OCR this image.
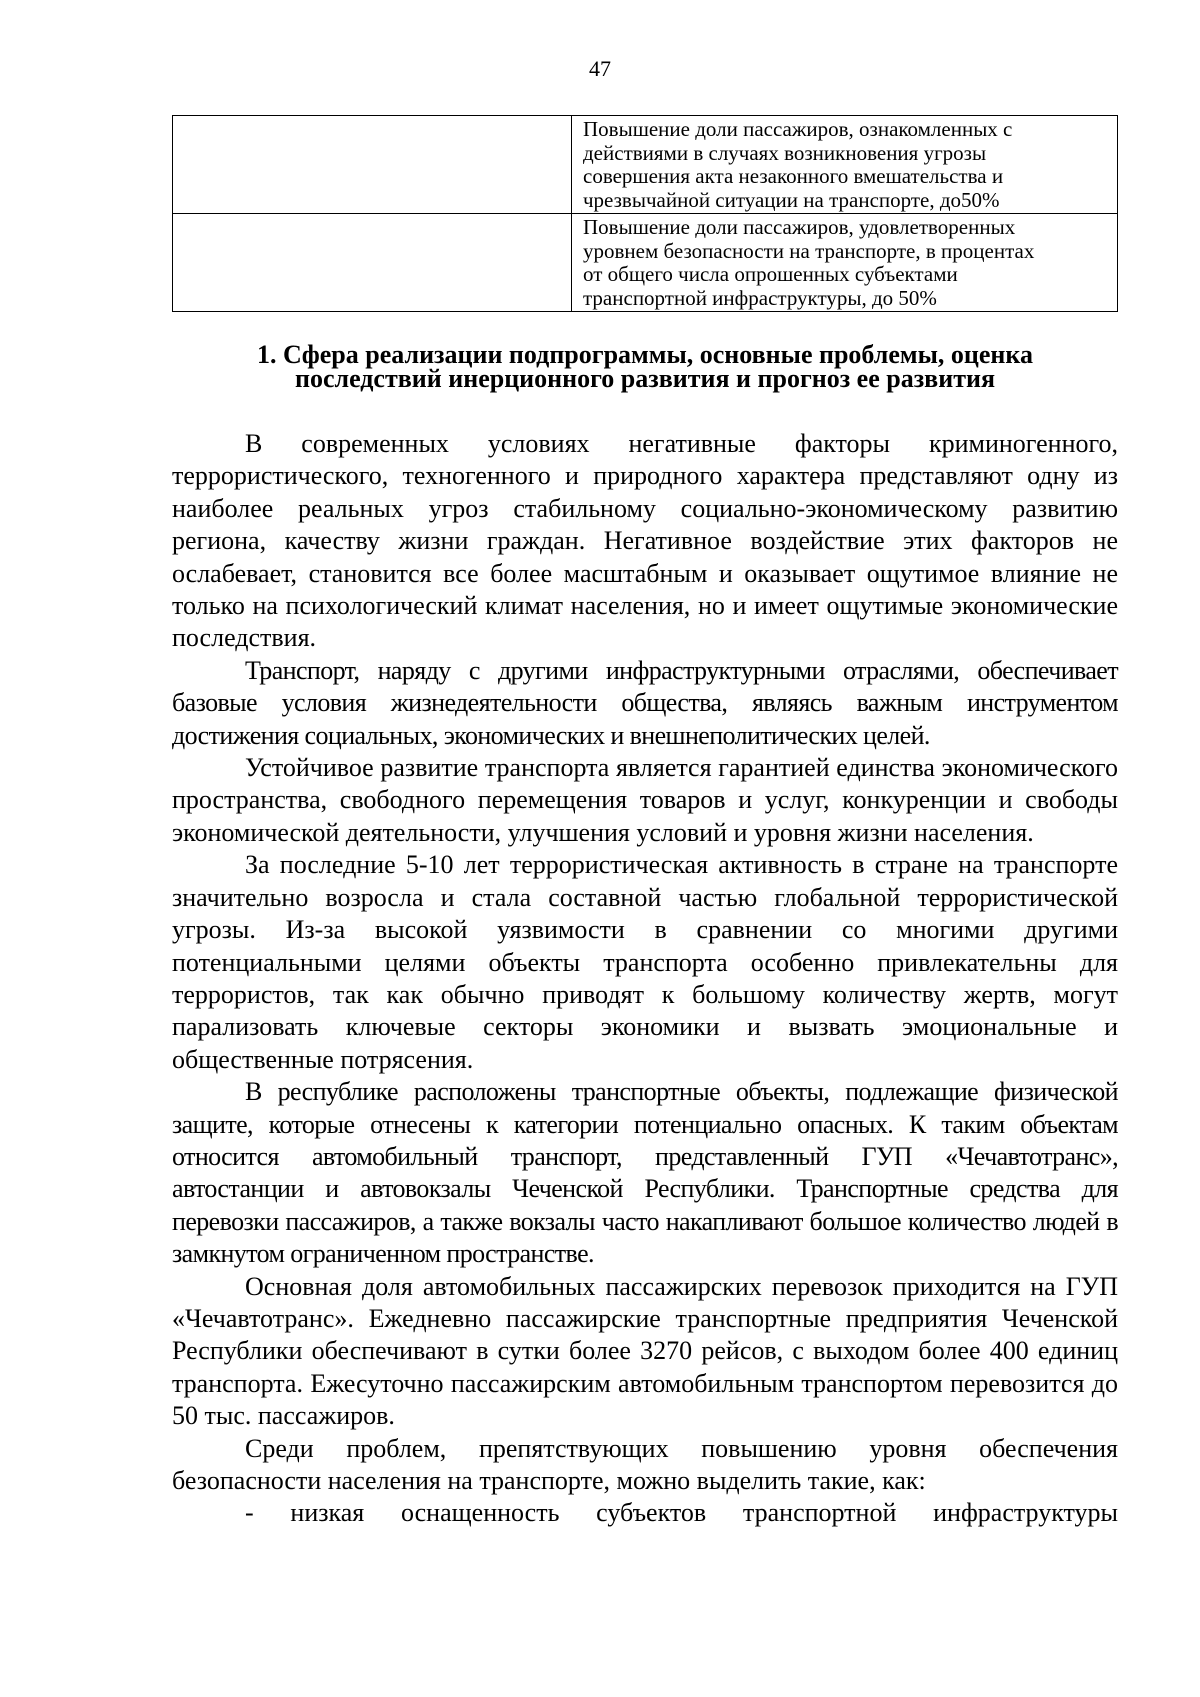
47

	Повышение доли пассажиров, ознакомленных с
действиями в случаях возникновения угрозы
совершения акта незаконного вмешательства и
чрезвычайной ситуации на транспорте, до50%

	Повышение доли пассажиров, удовлетворенных
уровнем безопасности на транспорте, в процентах
от общего числа опрошенных субъектами
транспортной инфраструктуры, до 50%
1. Сфера реализации подпрограммы, основные проблемы, оценка
последствий инерционного развития и прогноз ее развития

В современных условиях негативные факторы криминогенного, террористического, техногенного и природного характера представляют одну из наиболее реальных угроз стабильному социально-экономическому развитию региона, качеству жизни граждан. Негативное воздействие этих факторов не ослабевает, становится все более масштабным и оказывает ощутимое влияние не только на психологический климат населения, но и имеет ощутимые экономические последствия.

Транспорт, наряду с другими инфраструктурными отраслями, обеспечивает базовые условия жизнедеятельности общества, являясь важным инструментом достижения социальных, экономических и внешнеполитических целей.

Устойчивое развитие транспорта является гарантией единства экономического пространства, свободного перемещения товаров и услуг, конкуренции и свободы экономической деятельности, улучшения условий и уровня жизни населения.

За последние 5-10 лет террористическая активность в стране на транспорте значительно возросла и стала составной частью глобальной террористической угрозы. Из-за высокой уязвимости в сравнении со многими другими потенциальными целями объекты транспорта особенно привлекательны для террористов, так как обычно приводят к большому количеству жертв, могут парализовать ключевые секторы экономики и вызвать эмоциональные и общественные потрясения.

В республике расположены транспортные объекты, подлежащие физической защите, которые отнесены к категории потенциально опасных. К таким объектам относится автомобильный транспорт, представленный ГУП «Чечавтотранс», автостанции и автовокзалы Чеченской Республики. Транспортные средства для перевозки пассажиров, а также вокзалы часто накапливают большое количество людей в замкнутом ограниченном пространстве.

Основная доля автомобильных пассажирских перевозок приходится на ГУП «Чечавтотранс». Ежедневно пассажирские транспортные предприятия Чеченской Республики обеспечивают в сутки более 3270 рейсов, с выходом более 400 единиц транспорта. Ежесуточно пассажирским автомобильным транспортом перевозится до 50 тыс. пассажиров.

Среди проблем, препятствующих повышению уровня обеспечения безопасности населения на транспорте, можно выделить такие, как:

- низкая оснащенность субъектов транспортной инфраструктуры
